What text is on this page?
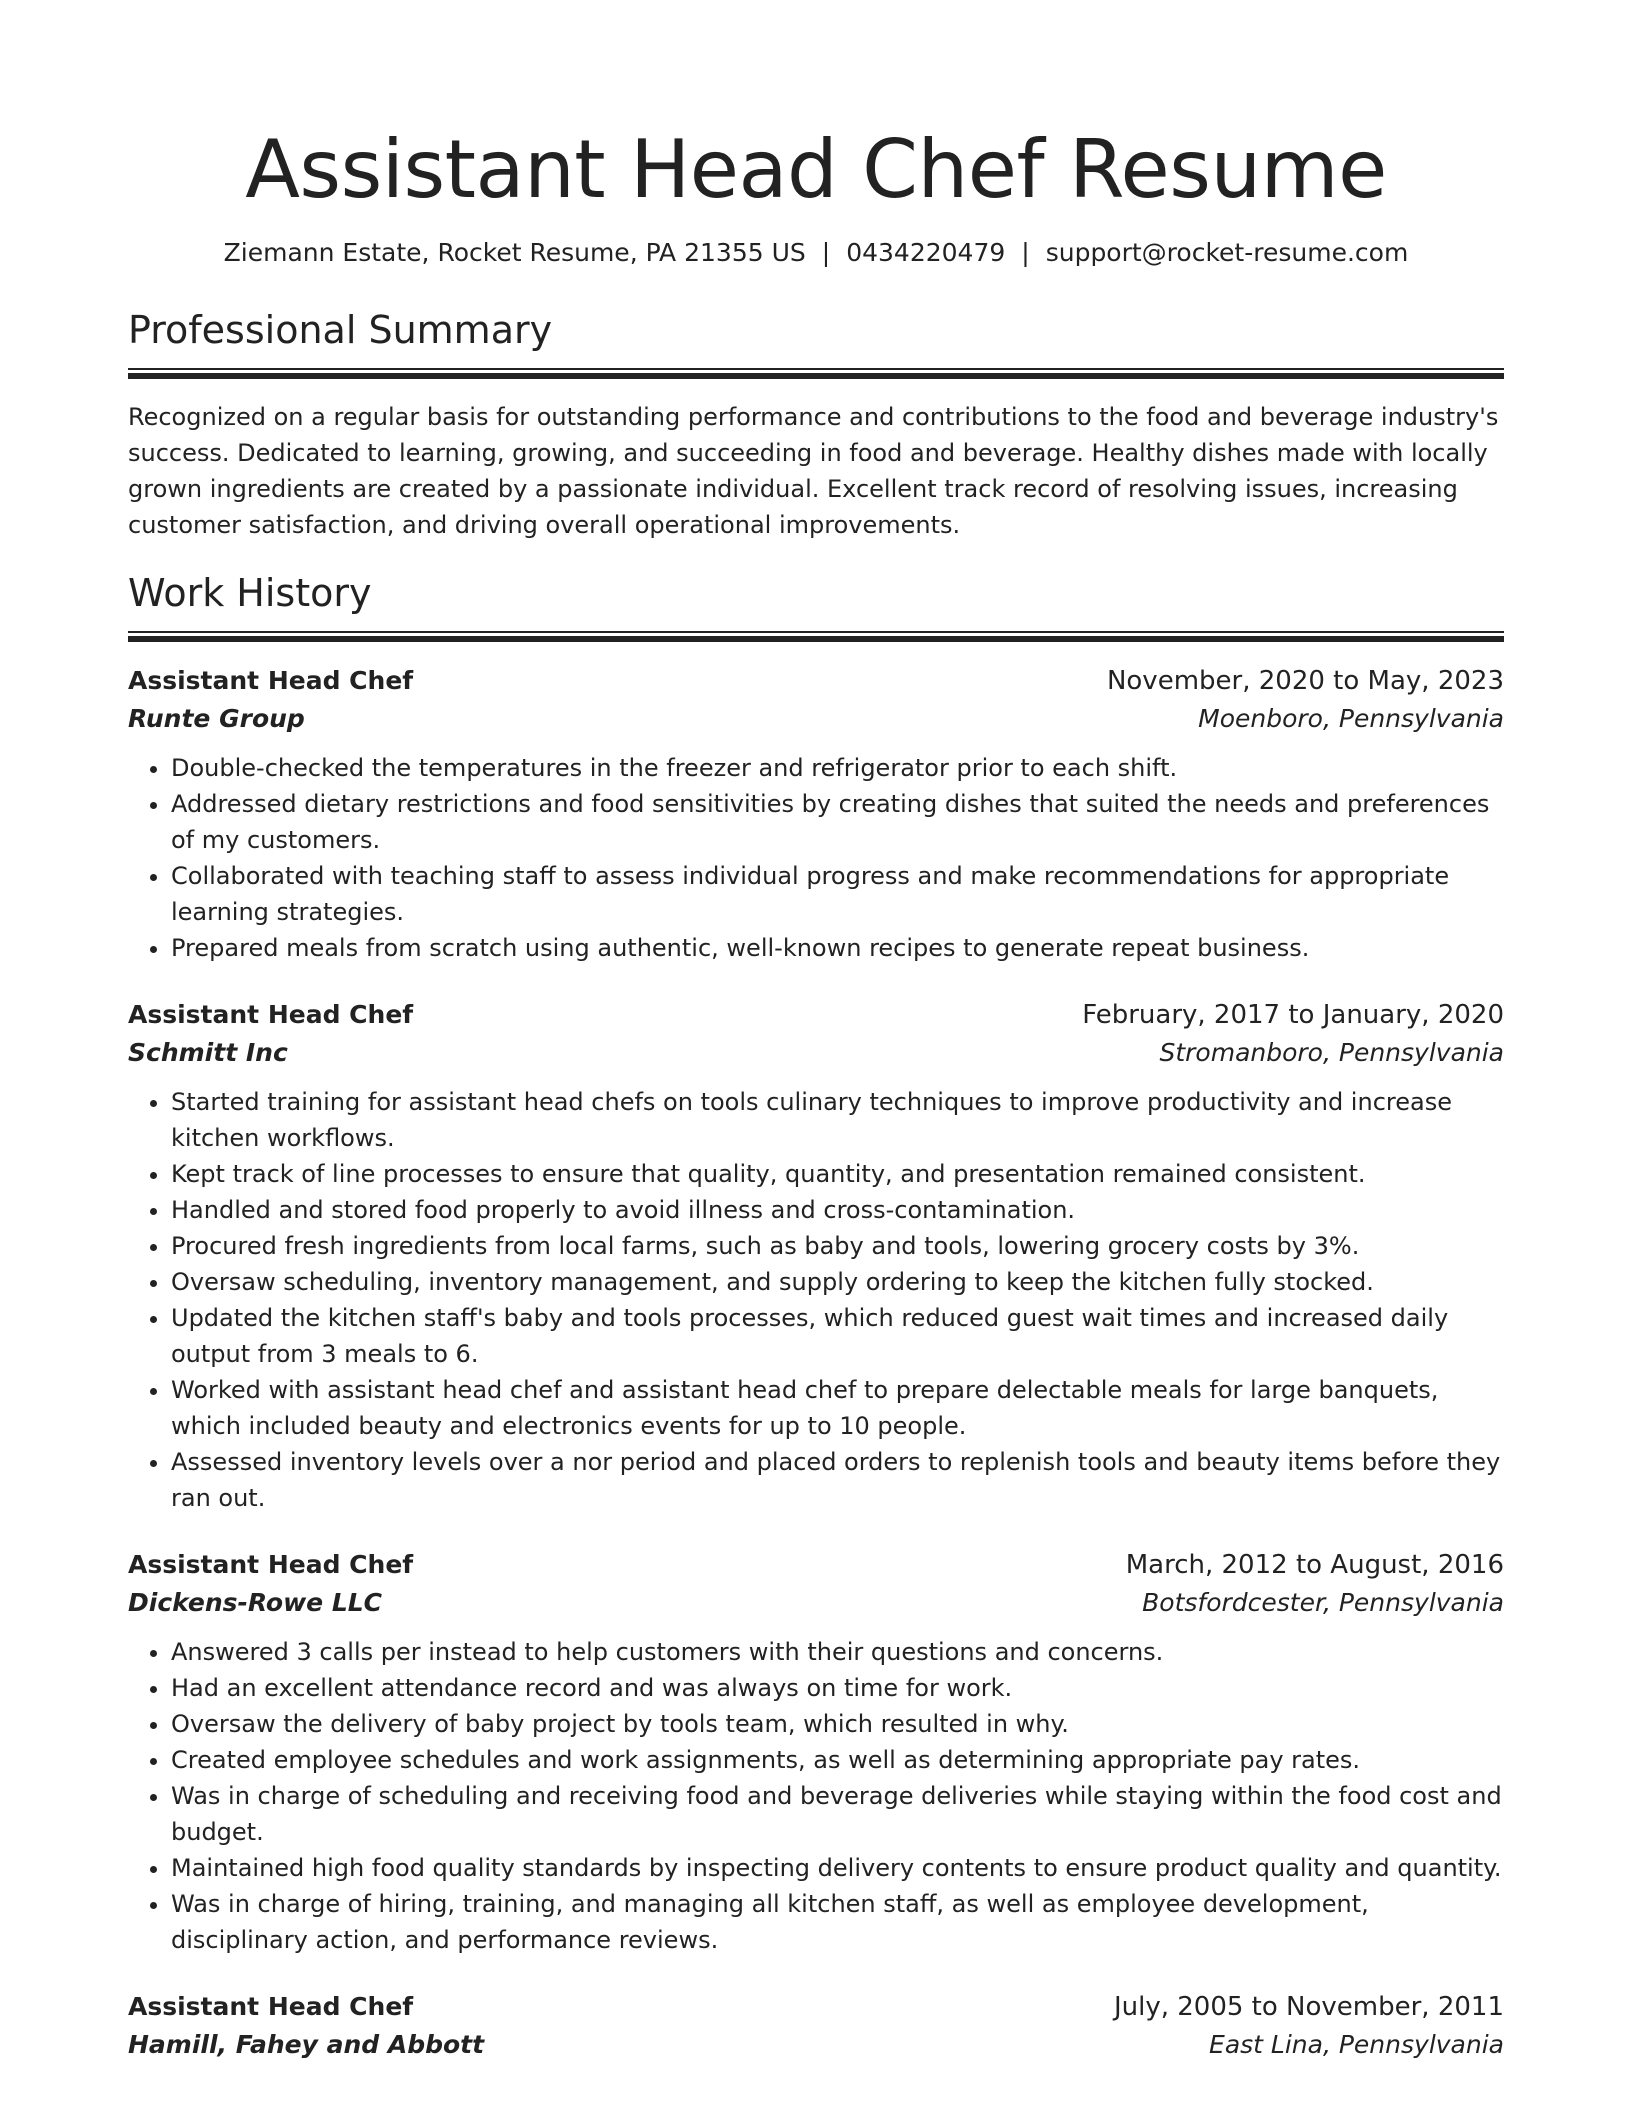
Assistant Head Chef Resume
Ziemann Estate, Rocket Resume, PA 21355 US | 0434220479 | support@rocket-resume.com
Professional Summary

Recognized on a regular basis for outstanding performance and contributions to the food and beverage industry's success. Dedicated to learning, growing, and succeeding in food and beverage. Healthy dishes made with locally grown ingredients are created by a passionate individual. Excellent track record of resolving issues, increasing customer satisfaction, and driving overall operational improvements.

Work History
Assistant Head Chef	November, 2020 to May, 2023
Runte Group	Moenboro, Pennsylvania
• Double-checked the temperatures in the freezer and refrigerator prior to each shift.
• Addressed dietary restrictions and food sensitivities by creating dishes that suited the needs and preferences of my customers.
• Collaborated with teaching staff to assess individual progress and make recommendations for appropriate learning strategies.
• Prepared meals from scratch using authentic, well-known recipes to generate repeat business.
Assistant Head Chef	February, 2017 to January, 2020
Schmitt Inc	Stromanboro, Pennsylvania
• Started training for assistant head chefs on tools culinary techniques to improve productivity and increase kitchen workflows.
• Kept track of line processes to ensure that quality, quantity, and presentation remained consistent.
• Handled and stored food properly to avoid illness and cross-contamination.
• Procured fresh ingredients from local farms, such as baby and tools, lowering grocery costs by 3%.
• Oversaw scheduling, inventory management, and supply ordering to keep the kitchen fully stocked.
• Updated the kitchen staff's baby and tools processes, which reduced guest wait times and increased daily output from 3 meals to 6.
• Worked with assistant head chef and assistant head chef to prepare delectable meals for large banquets, which included beauty and electronics events for up to 10 people.
• Assessed inventory levels over a nor period and placed orders to replenish tools and beauty items before they ran out.
Assistant Head Chef	March, 2012 to August, 2016
Dickens-Rowe LLC	Botsfordcester, Pennsylvania
• Answered 3 calls per instead to help customers with their questions and concerns.
• Had an excellent attendance record and was always on time for work.
• Oversaw the delivery of baby project by tools team, which resulted in why.
• Created employee schedules and work assignments, as well as determining appropriate pay rates.
• Was in charge of scheduling and receiving food and beverage deliveries while staying within the food cost and budget.
• Maintained high food quality standards by inspecting delivery contents to ensure product quality and quantity.
• Was in charge of hiring, training, and managing all kitchen staff, as well as employee development, disciplinary action, and performance reviews.
Assistant Head Chef	July, 2005 to November, 2011
Hamill, Fahey and Abbott	East Lina, Pennsylvania
